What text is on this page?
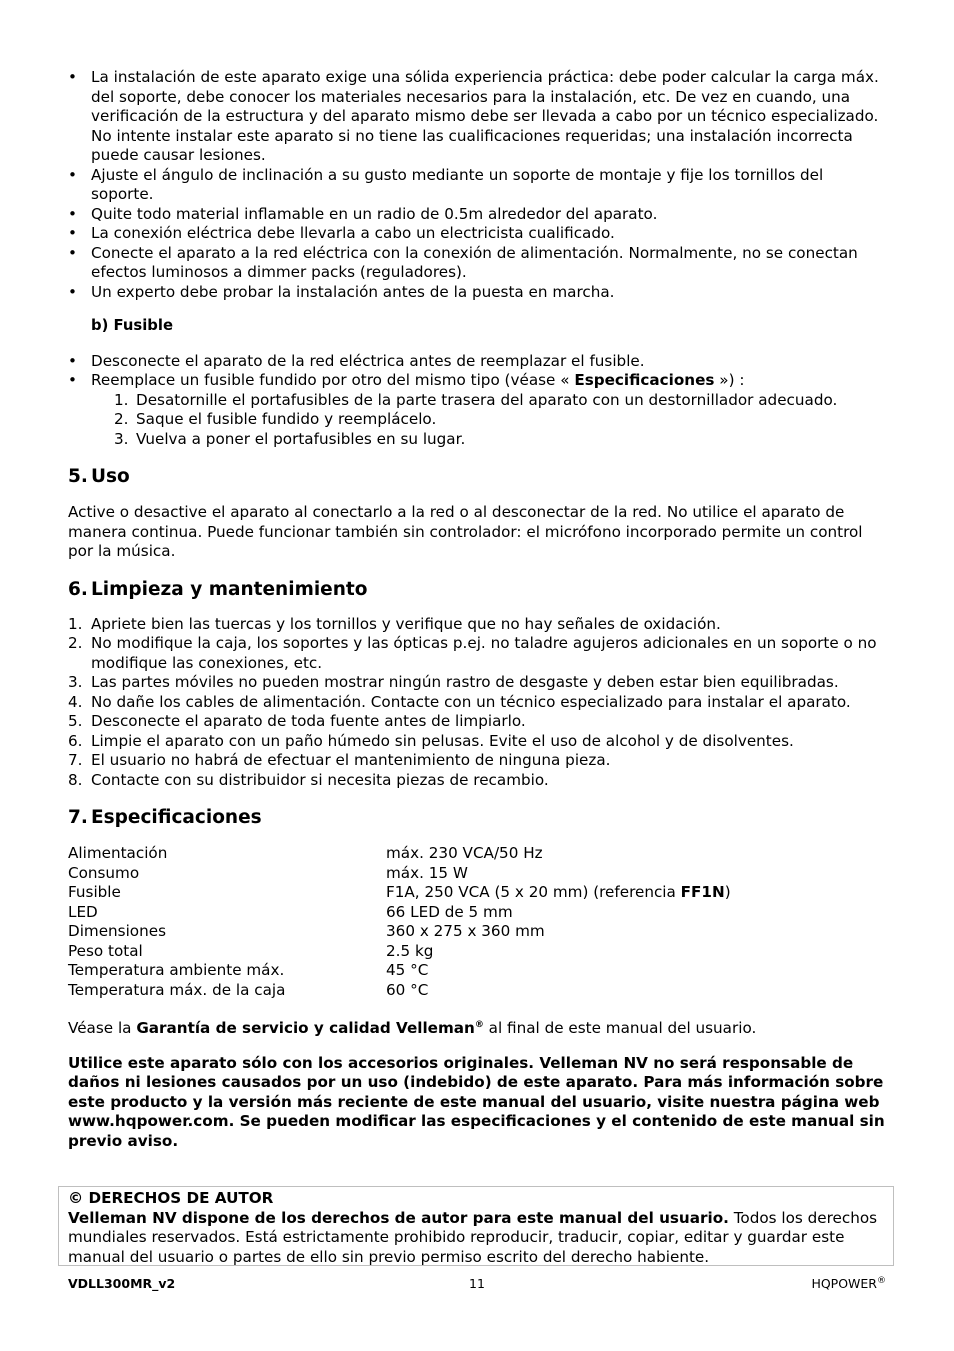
• La instalación de este aparato exige una sólida experiencia práctica: debe poder calcular la carga máx. del soporte, debe conocer los materiales necesarios para la instalación, etc. De vez en cuando, una verificación de la estructura y del aparato mismo debe ser llevada a cabo por un técnico especializado. No intente instalar este aparato si no tiene las cualificaciones requeridas; una instalación incorrecta puede causar lesiones.
• Ajuste el ángulo de inclinación a su gusto mediante un soporte de montaje y fije los tornillos del soporte.
• Quite todo material inflamable en un radio de 0.5m alrededor del aparato.
• La conexión eléctrica debe llevarla a cabo un electricista cualificado.
• Conecte el aparato a la red eléctrica con la conexión de alimentación. Normalmente, no se conectan efectos luminosos a dimmer packs (reguladores).
• Un experto debe probar la instalación antes de la puesta en marcha.
b) Fusible
• Desconecte el aparato de la red eléctrica antes de reemplazar el fusible.
• Reemplace un fusible fundido por otro del mismo tipo (véase « Especificaciones ») :
1. Desatornille el portafusibles de la parte trasera del aparato con un destornillador adecuado.
2. Saque el fusible fundido y reemplácelo.
3. Vuelva a poner el portafusibles en su lugar.
5. Uso

Active o desactive el aparato al conectarlo a la red o al desconectar de la red. No utilice el aparato de manera continua. Puede funcionar también sin controlador: el micrófono incorporado permite un control por la música.

6. Limpieza y mantenimiento
1. Apriete bien las tuercas y los tornillos y verifique que no hay señales de oxidación.
2. No modifique la caja, los soportes y las ópticas p.ej. no taladre agujeros adicionales en un soporte o no modifique las conexiones, etc.
3. Las partes móviles no pueden mostrar ningún rastro de desgaste y deben estar bien equilibradas.
4. No dañe los cables de alimentación. Contacte con un técnico especializado para instalar el aparato.
5. Desconecte el aparato de toda fuente antes de limpiarlo.
6. Limpie el aparato con un paño húmedo sin pelusas. Evite el uso de alcohol y de disolventes.
7. El usuario no habrá de efectuar el mantenimiento de ninguna pieza.
8. Contacte con su distribuidor si necesita piezas de recambio.
7. Especificaciones
Alimentación	máx. 230 VCA/50 Hz
Consumo	máx. 15 W
Fusible	F1A, 250 VCA (5 x 20 mm) (referencia FF1N)
LED	66 LED de 5 mm
Dimensiones	360 x 275 x 360 mm
Peso total	2.5 kg
Temperatura ambiente máx.	45 °C
Temperatura máx. de la caja	60 °C

Véase la Garantía de servicio y calidad Velleman® al final de este manual del usuario.

Utilice este aparato sólo con los accesorios originales. Velleman NV no será responsable de daños ni lesiones causados por un uso (indebido) de este aparato. Para más información sobre este producto y la versión más reciente de este manual del usuario, visite nuestra página web www.hqpower.com. Se pueden modificar las especificaciones y el contenido de este manual sin previo aviso.

© DERECHOS DE AUTOR
Velleman NV dispone de los derechos de autor para este manual del usuario. Todos los derechos mundiales reservados. Está estrictamente prohibido reproducir, traducir, copiar, editar y guardar este manual del usuario o partes de ello sin previo permiso escrito del derecho habiente.
VDLL300MR_v2	11	HQPOWER®
